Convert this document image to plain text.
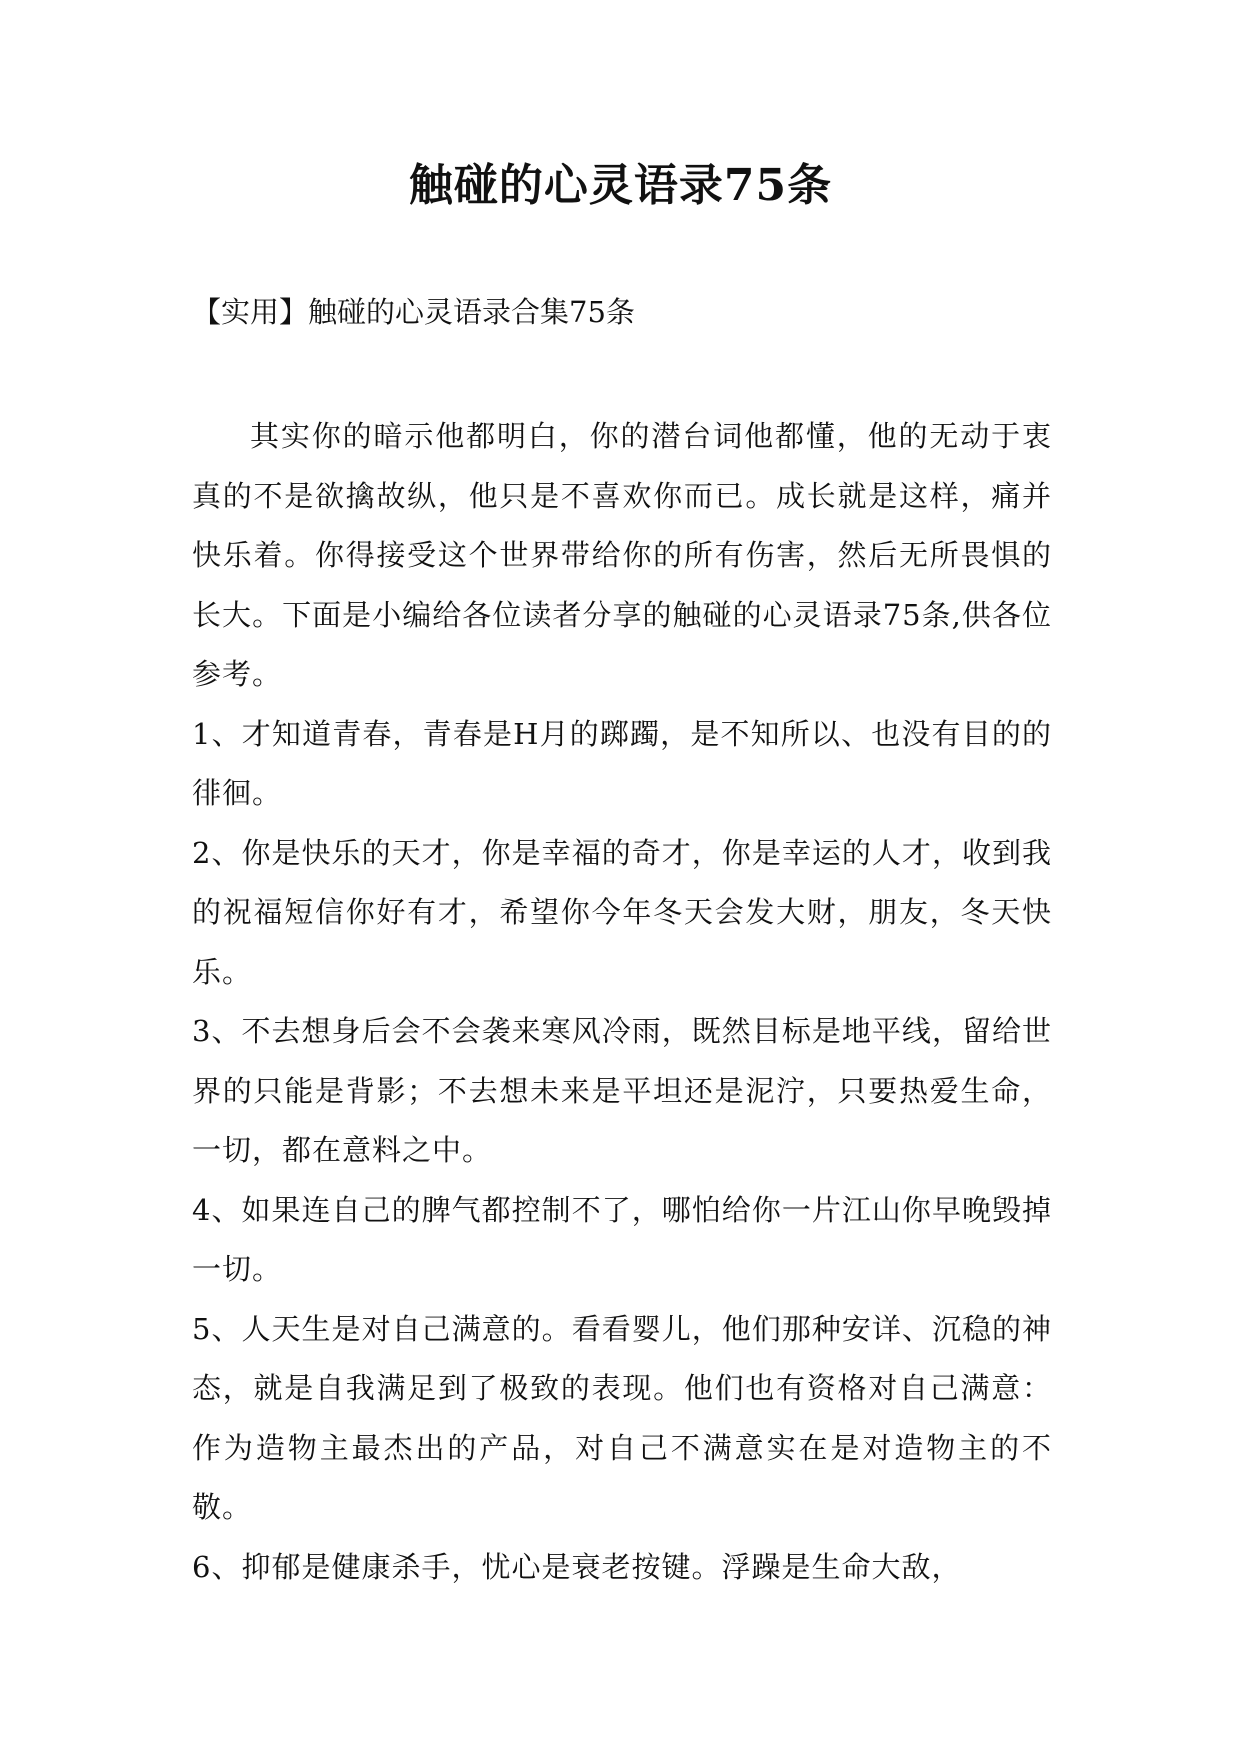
触碰的心灵语录75条

【实用】触碰的心灵语录合集75条

其实你的暗示他都明白，你的潜台词他都懂，他的无动于衷真的不是欲擒故纵，他只是不喜欢你而已。成长就是这样，痛并快乐着。你得接受这个世界带给你的所有伤害，然后无所畏惧的长大。下面是小编给各位读者分享的触碰的心灵语录75条,供各位参考。

1、才知道青春，青春是H月的踯躅，是不知所以、也没有目的的徘徊。

2、你是快乐的天才，你是幸福的奇才，你是幸运的人才，收到我的祝福短信你好有才，希望你今年冬天会发大财，朋友，冬天快乐。

3、不去想身后会不会袭来寒风冷雨，既然目标是地平线，留给世界的只能是背影；不去想未来是平坦还是泥泞，只要热爱生命，一切，都在意料之中。

4、如果连自己的脾气都控制不了，哪怕给你一片江山你早晚毁掉一切。

5、人天生是对自己满意的。看看婴儿，他们那种安详、沉稳的神态，就是自我满足到了极致的表现。他们也有资格对自己满意：作为造物主最杰出的产品，对自己不满意实在是对造物主的不敬。

6、抑郁是健康杀手，忧心是衰老按键。浮躁是生命大敌，
